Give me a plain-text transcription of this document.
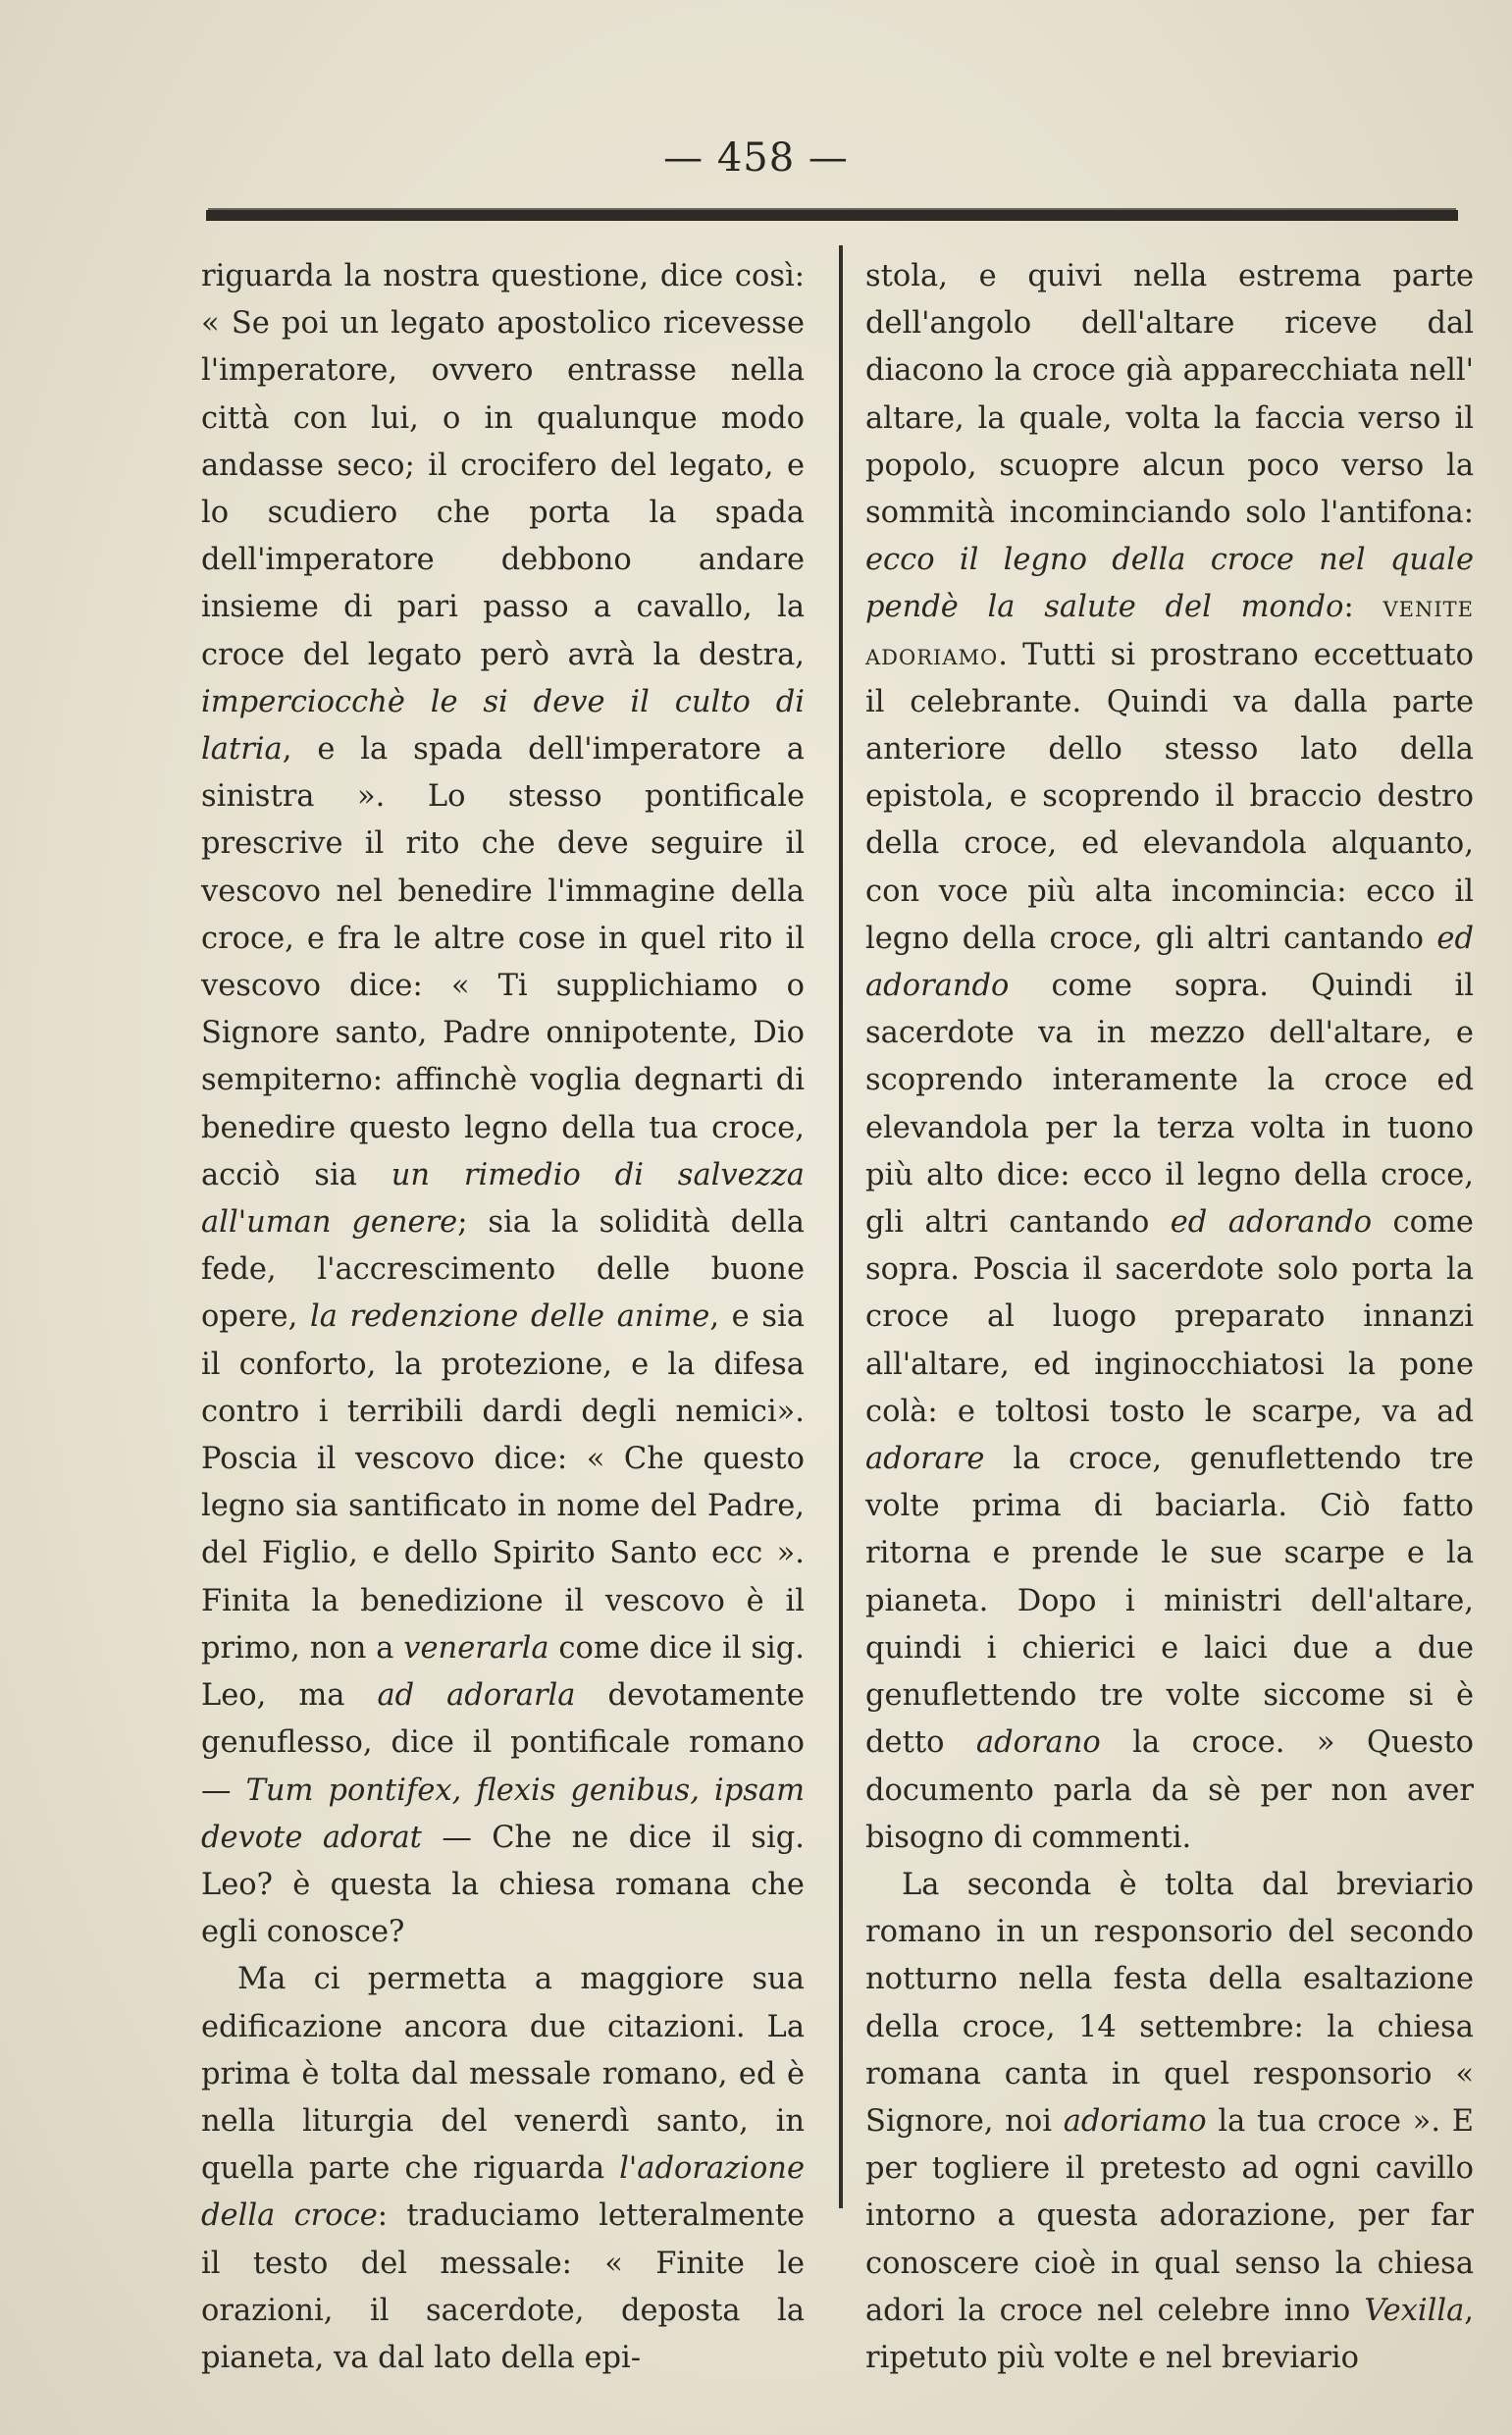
— 458 —

riguarda la nostra questione, dice così: « Se poi un legato apostolico ricevesse l'imperatore, ovvero entrasse nella città con lui, o in qualunque modo andasse seco; il crocifero del legato, e lo scudiero che porta la spada dell'imperatore debbono andare insieme di pari passo a cavallo, la croce del legato però avrà la destra, imperciocchè le si deve il culto di latria, e la spada dell'imperatore a sinistra ». Lo stesso pontificale prescrive il rito che deve seguire il vescovo nel benedire l'immagine della croce, e fra le altre cose in quel rito il vescovo dice: « Ti supplichiamo o Signore santo, Padre onnipotente, Dio sempiterno: affinchè voglia degnarti di benedire questo legno della tua croce, acciò sia un rimedio di salvezza all'uman genere; sia la solidità della fede, l'accrescimento delle buone opere, la redenzione delle anime, e sia il conforto, la protezione, e la difesa contro i terribili dardi degli nemici». Poscia il vescovo dice: « Che questo legno sia santificato in nome del Padre, del Figlio, e dello Spirito Santo ecc ». Finita la benedizione il vescovo è il primo, non a venerarla come dice il sig. Leo, ma ad adorarla devotamente genuflesso, dice il pontificale romano — Tum pontifex, flexis genibus, ipsam devote adorat — Che ne dice il sig. Leo? è questa la chiesa romana che egli conosce?

Ma ci permetta a maggiore sua edificazione ancora due citazioni. La prima è tolta dal messale romano, ed è nella liturgia del venerdì santo, in quella parte che riguarda l'adorazione della croce: traduciamo letteralmente il testo del messale: « Finite le orazioni, il sacerdote, deposta la pianeta, va dal lato della epi-

stola, e quivi nella estrema parte dell'angolo dell'altare riceve dal diacono la croce già apparecchiata nell' altare, la quale, volta la faccia verso il popolo, scuopre alcun poco verso la sommità incominciando solo l'antifona: ecco il legno della croce nel quale pendè la salute del mondo: venite adoriamo. Tutti si prostrano eccettuato il celebrante. Quindi va dalla parte anteriore dello stesso lato della epistola, e scoprendo il braccio destro della croce, ed elevandola alquanto, con voce più alta incomincia: ecco il legno della croce, gli altri cantando ed adorando come sopra. Quindi il sacerdote va in mezzo dell'altare, e scoprendo interamente la croce ed elevandola per la terza volta in tuono più alto dice: ecco il legno della croce, gli altri cantando ed adorando come sopra. Poscia il sacerdote solo porta la croce al luogo preparato innanzi all'altare, ed inginocchiatosi la pone colà: e toltosi tosto le scarpe, va ad adorare la croce, genuflettendo tre volte prima di baciarla. Ciò fatto ritorna e prende le sue scarpe e la pianeta. Dopo i ministri dell'altare, quindi i chierici e laici due a due genuflettendo tre volte siccome si è detto adorano la croce. » Questo documento parla da sè per non aver bisogno di commenti.

La seconda è tolta dal breviario romano in un responsorio del secondo notturno nella festa della esaltazione della croce, 14 settembre: la chiesa romana canta in quel responsorio « Signore, noi adoriamo la tua croce ». E per togliere il pretesto ad ogni cavillo intorno a questa adorazione, per far conoscere cioè in qual senso la chiesa adori la croce nel celebre inno Vexilla, ripetuto più volte e nel breviario
